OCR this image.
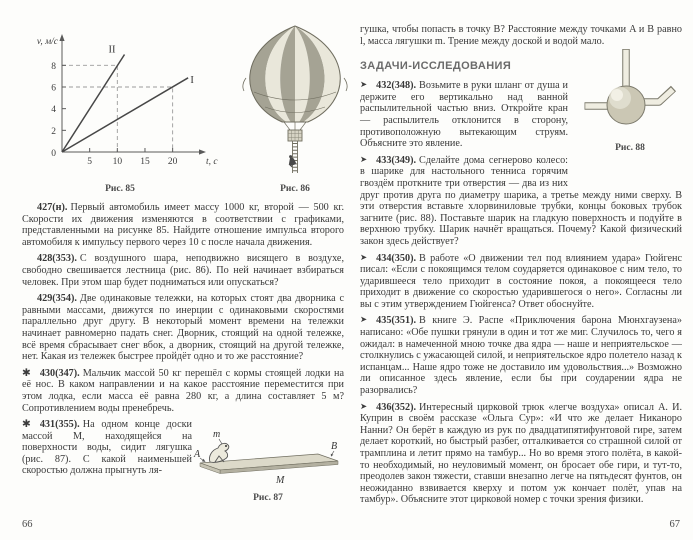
II
I
2
4
6
8
5 10 15 20
0
v, м/с
t, с
Рис. 85	Рис. 86

427(н). Первый автомобиль имеет массу 1000 кг, второй — 500 кг. Скорости их движения изменяются в соответствии с графиками, представленными на рисунке 85. Найдите отношение импульса второго автомобиля к импульсу первого через 10 с после начала движения.

428(353). С воздушного шара, неподвижно висящего в воздухе, свободно свешивается лестница (рис. 86). По ней начинает взбираться человек. При этом шар будет подниматься или опускаться?

429(354). Две одинаковые тележки, на которых стоят два дворника с равными массами, движутся по инерции с одинаковыми скоростями параллельно друг другу. В некоторый момент времени на тележки начинает равномерно падать снег. Дворник, стоящий на одной тележке, всё время сбрасывает снег вбок, а дворник, стоящий на другой тележке, нет. Какая из тележек быстрее пройдёт одно и то же расстояние?

✱ 430(347). Мальчик массой 50 кг перешёл с кормы стоящей лодки на её нос. В каком направлении и на какое расстояние переместится при этом лодка, если масса её равна 280 кг, а длина составляет 5 м? Сопротивлением воды пренебречь.

✱ 431(355). На одном конце доски массой M, находящейся на поверхности воды, сидит лягушка (рис. 87). С какой наименьшей скоростью должна прыгнуть ля-

m
A
B
M
Рис. 87
66

гушка, чтобы попасть в точку B? Расстояние между точками A и B равно l, масса лягушки m. Трение между доской и водой мало.

ЗАДАЧИ-ИССЛЕДОВАНИЯ

Рис. 88
➤ 432(348). Возьмите в руки шланг от душа и держите его вертикально над ванной распылительной частью вниз. Откройте кран — распылитель отклонится в сторону, противоположную вытекающим струям. Объясните это явление.

➤ 433(349). Сделайте дома сегнерово колесо: в шарике для настольного тенниса горячим гвоздём проткните три отверстия — два из них друг против друга по диаметру шарика, а третье между ними сверху. В эти отверстия вставьте хлорвиниловые трубки, концы боковых трубок загните (рис. 88). Поставьте шарик на гладкую поверхность и подуйте в верхнюю трубку. Шарик начнёт вращаться. Почему? Какой физический закон здесь действует?

➤ 434(350). В работе «О движении тел под влиянием удара» Гюйгенс писал: «Если с покоящимся телом соударяется одинаковое с ним тело, то ударившееся тело приходит в состояние покоя, а покоящееся тело приходит в движение со скоростью ударившегося о него». Согласны ли вы с этим утверждением Гюйгенса? Ответ обоснуйте.

➤ 435(351). В книге Э. Распе «Приключения барона Мюнхгаузена» написано: «Обе пушки грянули в один и тот же миг. Случилось то, чего я ожидал: в намеченной мною точке два ядра — наше и неприятельское — столкнулись с ужасающей силой, и неприятельское ядро полетело назад к испанцам... Наше ядро тоже не доставило им удовольствия...» Возможно ли описанное здесь явление, если бы при соударении ядра не разорвались?

➤ 436(352). Интересный цирковой трюк «легче воздуха» описал А. И. Куприн в своём рассказе «Ольга Сур»: «И что же делает Никаноро Нанни? Он берёт в каждую из рук по двадцатипятифунтовой гире, затем делает короткий, но быстрый разбег, отталкивается со страшной силой от трамплина и летит прямо на тамбур... Но во время этого полёта, в какой-то необходимый, но неуловимый момент, он бросает обе гири, и тут-то, преодолев закон тяжести, ставши внезапно легче на пятьдесят фунтов, он неожиданно взвивается кверху и потом уж кончает полёт, упав на тамбур». Объясните этот цирковой номер с точки зрения физики.

67
